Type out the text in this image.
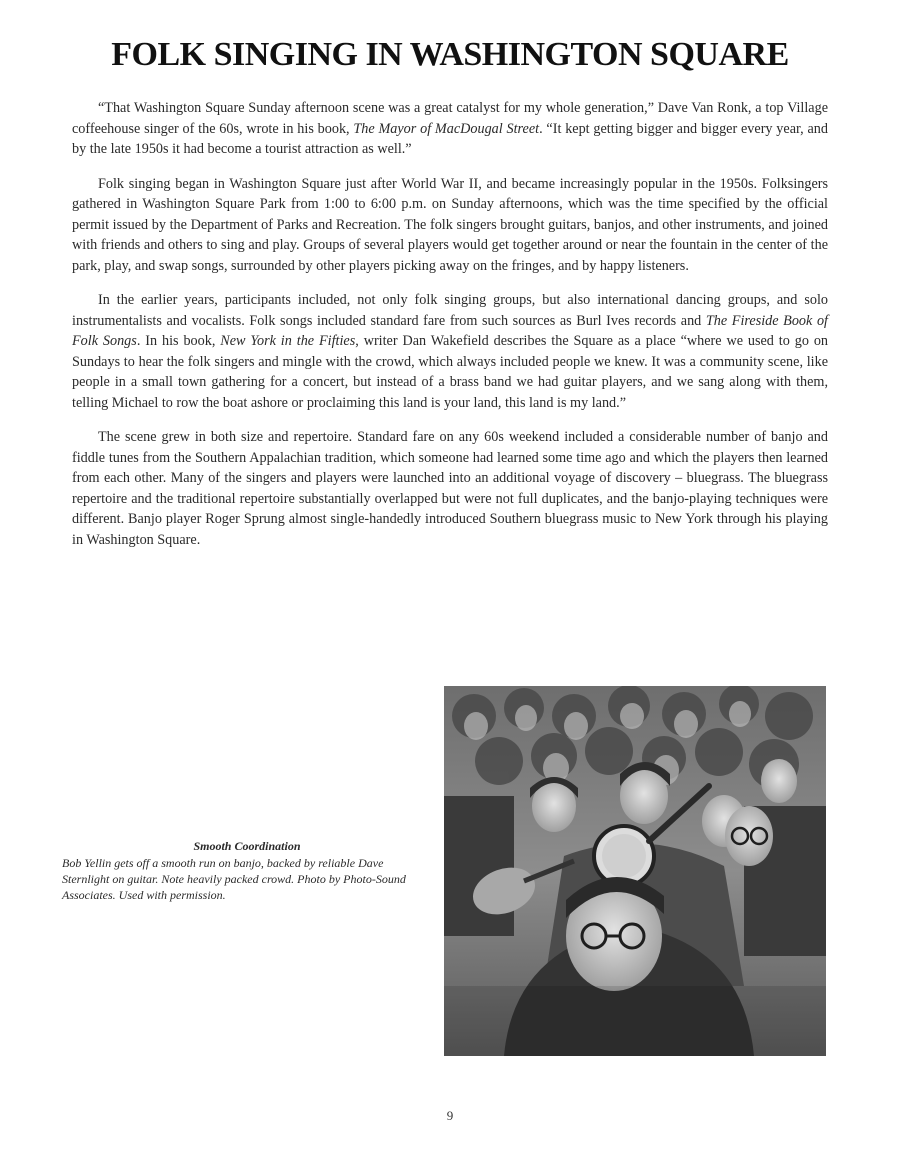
FOLK SINGING IN WASHINGTON SQUARE

“That Washington Square Sunday afternoon scene was a great catalyst for my whole generation,” Dave Van Ronk, a top Village coffeehouse singer of the 60s, wrote in his book, The Mayor of MacDougal Street. “It kept getting bigger and bigger every year, and by the late 1950s it had become a tourist attraction as well.”

Folk singing began in Washington Square just after World War II, and became increasingly popular in the 1950s. Folksingers gathered in Washington Square Park from 1:00 to 6:00 p.m. on Sunday afternoons, which was the time specified by the official permit issued by the Department of Parks and Recreation. The folk singers brought guitars, banjos, and other instruments, and joined with friends and others to sing and play. Groups of several players would get together around or near the fountain in the center of the park, play, and swap songs, surrounded by other players picking away on the fringes, and by happy listeners.

In the earlier years, participants included, not only folk singing groups, but also international dancing groups, and solo instrumentalists and vocalists. Folk songs included standard fare from such sources as Burl Ives records and The Fireside Book of Folk Songs. In his book, New York in the Fifties, writer Dan Wakefield describes the Square as a place “where we used to go on Sundays to hear the folk singers and mingle with the crowd, which always included people we knew. It was a community scene, like people in a small town gathering for a concert, but instead of a brass band we had guitar players, and we sang along with them, telling Michael to row the boat ashore or proclaiming this land is your land, this land is my land.”

The scene grew in both size and repertoire. Standard fare on any 60s weekend included a considerable number of banjo and fiddle tunes from the Southern Appalachian tradition, which someone had learned some time ago and which the players then learned from each other. Many of the singers and players were launched into an additional voyage of discovery – bluegrass. The bluegrass repertoire and the traditional repertoire substantially overlapped but were not full duplicates, and the banjo-playing techniques were different. Banjo player Roger Sprung almost single-handedly introduced Southern bluegrass music to New York through his playing in Washington Square.

Smooth Coordination
Bob Yellin gets off a smooth run on banjo, backed by reliable Dave Sternlight on guitar. Note heavily packed crowd. Photo by Photo-Sound Associates. Used with permission.
9
